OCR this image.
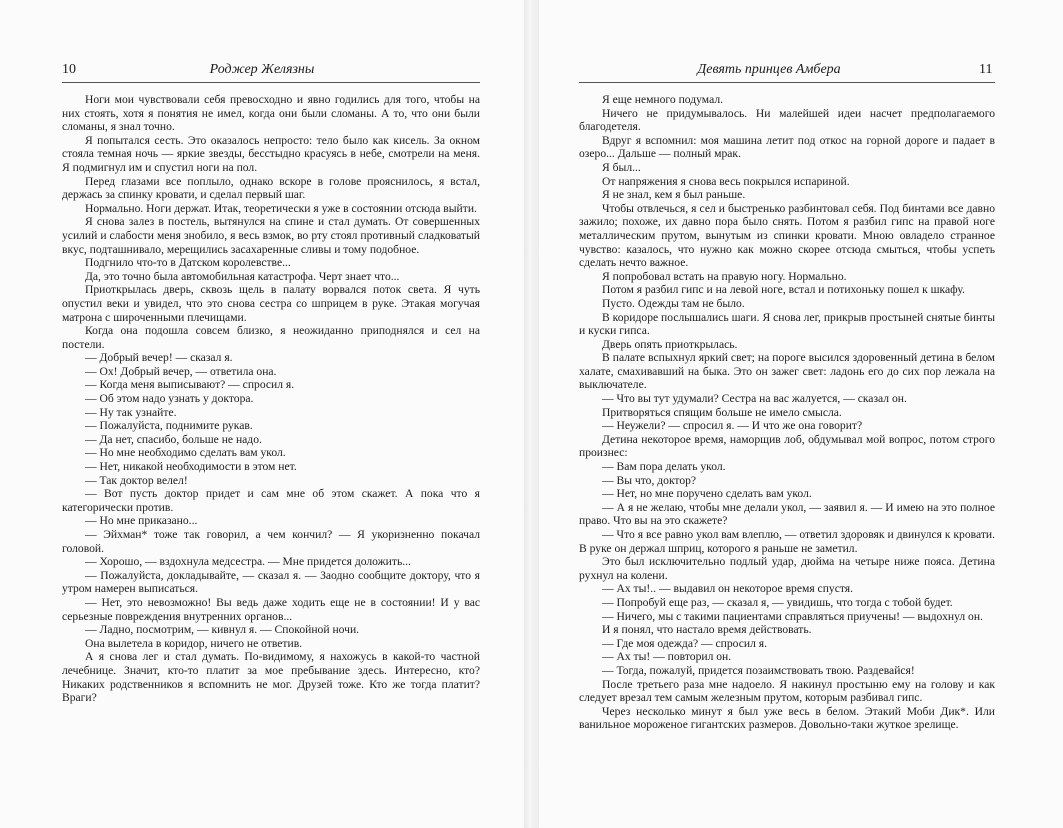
10	Роджер Желязны

Ноги мои чувствовали себя превосходно и явно годились для того, чтобы на них стоять, хотя я понятия не имел, когда они были сломаны. А то, что они были сломаны, я знал точно.

Я попытался сесть. Это оказалось непросто: тело было как кисель. За окном стояла темная ночь — яркие звезды, бесстыдно красуясь в небе, смотрели на меня. Я подмигнул им и спустил ноги на пол.

Перед глазами все поплыло, однако вскоре в голове прояснилось, я встал, держась за спинку кровати, и сделал первый шаг.

Нормально. Ноги держат. Итак, теоретически я уже в состоянии отсюда выйти.

Я снова залез в постель, вытянулся на спине и стал думать. От совершенных усилий и слабости меня знобило, я весь взмок, во рту стоял противный сладковатый вкус, подташнивало, мерещились засахаренные сливы и тому подобное.

Подгнило что-то в Датском королевстве...

Да, это точно была автомобильная катастрофа. Черт знает что...

Приоткрылась дверь, сквозь щель в палату ворвался поток света. Я чуть опустил веки и увидел, что это снова сестра со шприцем в руке. Этакая могучая матрона с широченными плечищами.

Когда она подошла совсем близко, я неожиданно приподнялся и сел на постели.

— Добрый вечер! — сказал я.

— Ох! Добрый вечер, — ответила она.

— Когда меня выписывают? — спросил я.

— Об этом надо узнать у доктора.

— Ну так узнайте.

— Пожалуйста, поднимите рукав.

— Да нет, спасибо, больше не надо.

— Но мне необходимо сделать вам укол.

— Нет, никакой необходимости в этом нет.

— Так доктор велел!

— Вот пусть доктор придет и сам мне об этом скажет. А пока что я категорически против.

— Но мне приказано...

— Эйхман* тоже так говорил, а чем кончил? — Я укоризненно покачал головой.

— Хорошо, — вздохнула медсестра. — Мне придется доложить...

— Пожалуйста, докладывайте, — сказал я. — Заодно сообщите доктору, что я утром намерен выписаться.

— Нет, это невозможно! Вы ведь даже ходить еще не в состоянии! И у вас серьезные повреждения внутренних органов...

— Ладно, посмотрим, — кивнул я. — Спокойной ночи.

Она вылетела в коридор, ничего не ответив.

А я снова лег и стал думать. По-видимому, я нахожусь в какой-то частной лечебнице. Значит, кто-то платит за мое пребывание здесь. Интересно, кто? Никаких родственников я вспомнить не мог. Друзей тоже. Кто же тогда платит? Враги?

Девять принцев Амбера	11

Я еще немного подумал.

Ничего не придумывалось. Ни малейшей идеи насчет предполагаемого благодетеля.

Вдруг я вспомнил: моя машина летит под откос на горной дороге и падает в озеро... Дальше — полный мрак.

Я был...

От напряжения я снова весь покрылся испариной.

Я не знал, кем я был раньше.

Чтобы отвлечься, я сел и быстренько разбинтовал себя. Под бинтами все давно зажило; похоже, их давно пора было снять. Потом я разбил гипс на правой ноге металлическим прутом, вынутым из спинки кровати. Мною овладело странное чувство: казалось, что нужно как можно скорее отсюда смыться, чтобы успеть сделать нечто важное.

Я попробовал встать на правую ногу. Нормально.

Потом я разбил гипс и на левой ноге, встал и потихоньку пошел к шкафу.

Пусто. Одежды там не было.

В коридоре послышались шаги. Я снова лег, прикрыв простыней снятые бинты и куски гипса.

Дверь опять приоткрылась.

В палате вспыхнул яркий свет; на пороге высился здоровенный детина в белом халате, смахивавший на быка. Это он зажег свет: ладонь его до сих пор лежала на выключателе.

— Что вы тут удумали? Сестра на вас жалуется, — сказал он.

Притворяться спящим больше не имело смысла.

— Неужели? — спросил я. — И что же она говорит?

Детина некоторое время, наморщив лоб, обдумывал мой вопрос, потом строго произнес:

— Вам пора делать укол.

— Вы что, доктор?

— Нет, но мне поручено сделать вам укол.

— А я не желаю, чтобы мне делали укол, — заявил я. — И имею на это полное право. Что вы на это скажете?

— Что я все равно укол вам влеплю, — ответил здоровяк и двинулся к кровати. В руке он держал шприц, которого я раньше не заметил.

Это был исключительно подлый удар, дюйма на четыре ниже пояса. Детина рухнул на колени.

— Ах ты!.. — выдавил он некоторое время спустя.

— Попробуй еще раз, — сказал я, — увидишь, что тогда с тобой будет.

— Ничего, мы с такими пациентами справляться приучены! — выдохнул он.

И я понял, что настало время действовать.

— Где моя одежда? — спросил я.

— Ах ты! — повторил он.

— Тогда, пожалуй, придется позаимствовать твою. Раздевайся!

После третьего раза мне надоело. Я накинул простыню ему на голову и как следует врезал тем самым железным прутом, которым разбивал гипс.

Через несколько минут я был уже весь в белом. Этакий Моби Дик*. Или ванильное мороженое гигантских размеров. Довольно-таки жуткое зрелище.
